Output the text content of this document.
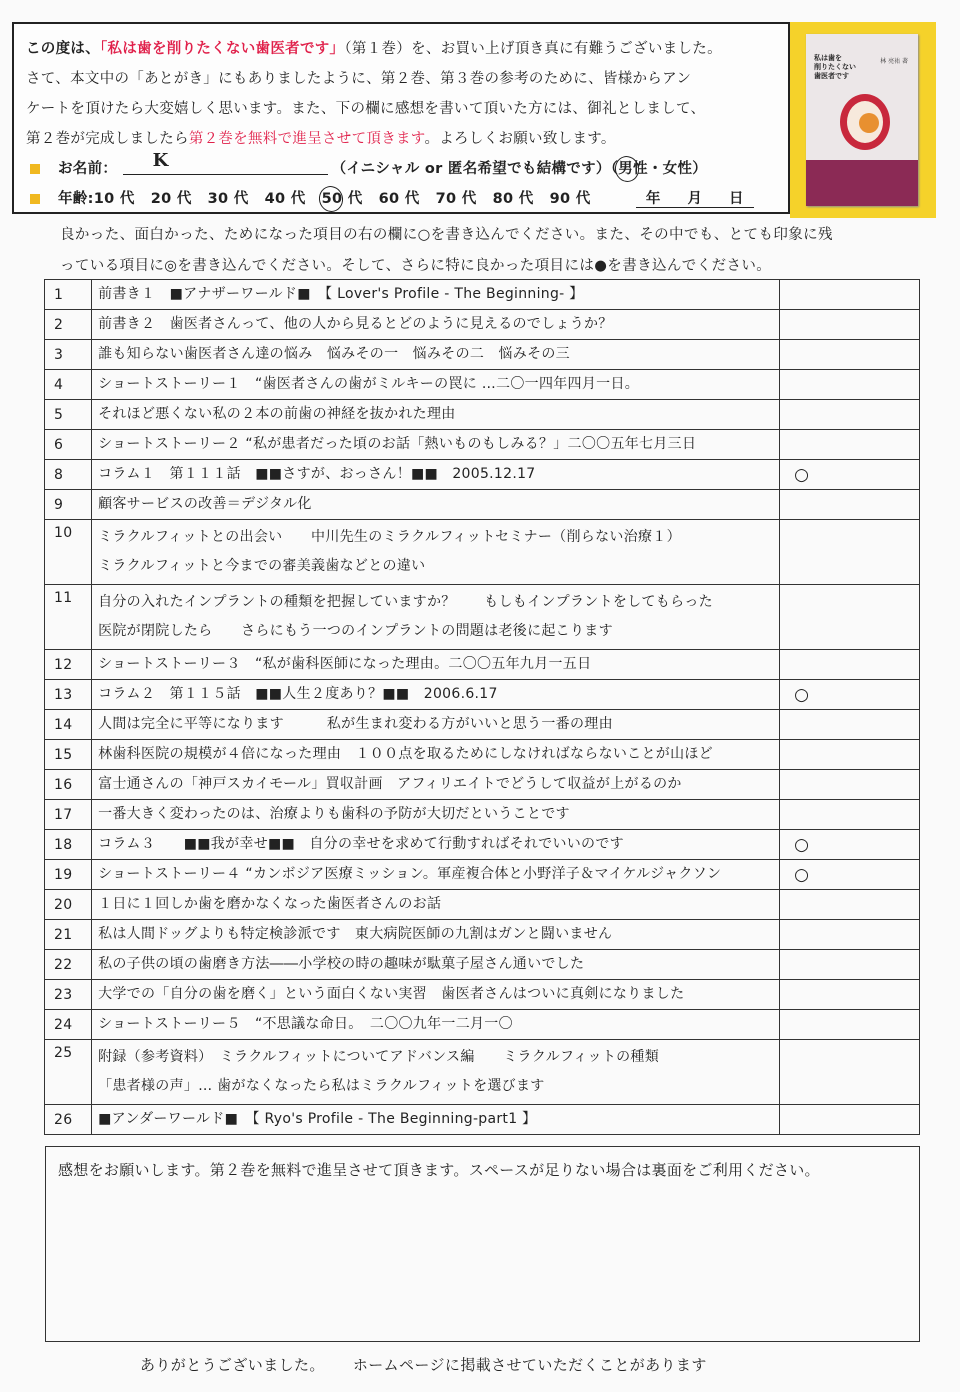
この度は、「私は歯を削りたくない歯医者です」（第１巻）を、お買い上げ頂き真に有難うございました。
さて、本文中の「あとがき」にもありましたように、第２巻、第３巻の参考のために、皆様からアン
ケートを頂けたら大変嬉しく思います。また、下の欄に感想を書いて頂いた方には、御礼としまして、
第２巻が完成しましたら第２巻を無料で進呈させて頂きます。よろしくお願い致します。
お名前： K	（イニシャル or 匿名希望でも結構です）（男性・女性）
年齢:10 代 20 代 30 代 40 代 50 代 60 代 70 代 80 代 90 代	年 月 日
私は歯を
削りたくない
歯医者です
林 亮祐 著
良かった、面白かった、ためになった項目の右の欄に○を書き込んでください。また、その中でも、とても印象に残
っている項目に◎を書き込んでください。そして、さらに特に良かった項目には●を書き込んでください。
1	前書き１　■アナザーワールド■　【 Lover's Profile - The Beginning- 】	

2	前書き２　歯医者さんって、他の人から見るとどのように見えるのでしょうか？	

3	誰も知らない歯医者さん達の悩み　悩みその一　悩みその二　悩みその三	

4	ショートストーリー１　“歯医者さんの歯がミルキーの罠に …二〇一四年四月一日。	

5	それほど悪くない私の２本の前歯の神経を抜かれた理由	

6	ショートストーリー２ “私が患者だった頃のお話「熱いものもしみる？」二〇〇五年七月三日	

8	コラム１　第１１１話　■■さすが、おっさん！■■　2005.12.17	○
9	顧客サービスの改善＝デジタル化	

10	ミラクルフィットとの出会い　　中川先生のミラクルフィットセミナー（削らない治療１）
ミラクルフィットと今までの審美義歯などとの違い	

11	自分の入れたインプラントの種類を把握していますか？　　もしもインプラントをしてもらった
医院が閉院したら　　さらにもう一つのインプラントの問題は老後に起こります	

12	ショートストーリー３　“私が歯科医師になった理由。二〇〇五年九月一五日	

13	コラム２　第１１５話　■■人生２度あり？■■　2006.6.17	○
14	人間は完全に平等になります　　　私が生まれ変わる方がいいと思う一番の理由	

15	林歯科医院の規模が４倍になった理由　１００点を取るためにしなければならないことが山ほど	

16	富士通さんの「神戸スカイモール」買収計画　アフィリエイトでどうして収益が上がるのか	

17	一番大きく変わったのは、治療よりも歯科の予防が大切だということです	

18	コラム３　　■■我が幸せ■■　自分の幸せを求めて行動すればそれでいいのです	○
19	ショートストーリー４ “カンボジア医療ミッション。軍産複合体と小野洋子＆マイケルジャクソン	○
20	１日に１回しか歯を磨かなくなった歯医者さんのお話	

21	私は人間ドッグよりも特定検診派です　東大病院医師の九割はガンと闘いません	

22	私の子供の頃の歯磨き方法――小学校の時の趣味が駄菓子屋さん通いでした	

23	大学での「自分の歯を磨く」という面白くない実習　歯医者さんはついに真剣になりました	

24	ショートストーリー５　“不思議な命日。　二〇〇九年一二月一〇	

25	附録（参考資料）　ミラクルフィットについてアドバンス編　　ミラクルフィットの種類
「患者様の声」… 歯がなくなったら私はミラクルフィットを選びます	

26	■アンダーワールド■　【 Ryo's Profile - The Beginning-part1 】	

感想をお願いします。第２巻を無料で進呈させて頂きます。スペースが足りない場合は裏面をご利用ください。
ありがとうございました。 ホームページに掲載させていただくことがあります
